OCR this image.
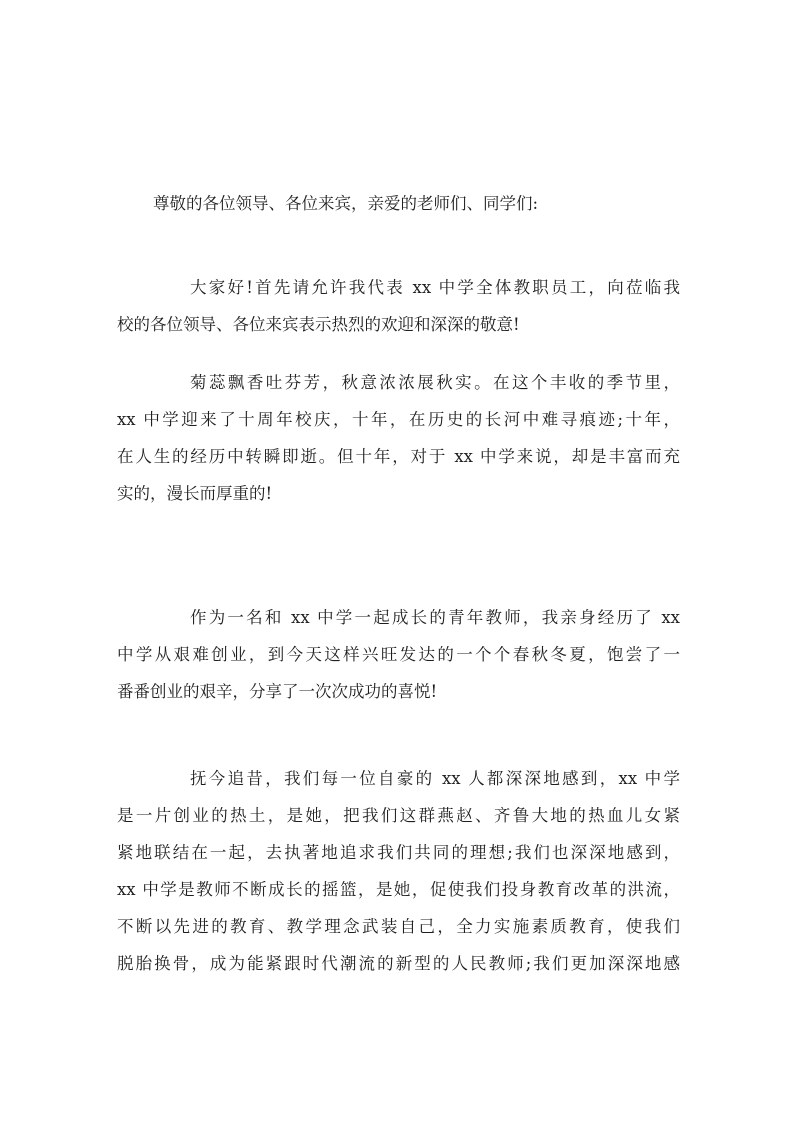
尊敬的各位领导、各位来宾，亲爱的老师们、同学们:
大家好!首先请允许我代表 xx 中学全体教职员工，向莅临我
校的各位领导、各位来宾表示热烈的欢迎和深深的敬意!
菊蕊飘香吐芬芳，秋意浓浓展秋实。在这个丰收的季节里，
xx 中学迎来了十周年校庆，十年，在历史的长河中难寻痕迹;十年，
在人生的经历中转瞬即逝。但十年，对于 xx 中学来说，却是丰富而充
实的，漫长而厚重的!
作为一名和 xx 中学一起成长的青年教师，我亲身经历了 xx
中学从艰难创业，到今天这样兴旺发达的一个个春秋冬夏，饱尝了一
番番创业的艰辛，分享了一次次成功的喜悦!
抚今追昔，我们每一位自豪的 xx 人都深深地感到，xx 中学
是一片创业的热土，是她，把我们这群燕赵、齐鲁大地的热血儿女紧
紧地联结在一起，去执著地追求我们共同的理想;我们也深深地感到，
xx 中学是教师不断成长的摇篮，是她，促使我们投身教育改革的洪流，
不断以先进的教育、教学理念武装自己，全力实施素质教育，使我们
脱胎换骨，成为能紧跟时代潮流的新型的人民教师;我们更加深深地感
